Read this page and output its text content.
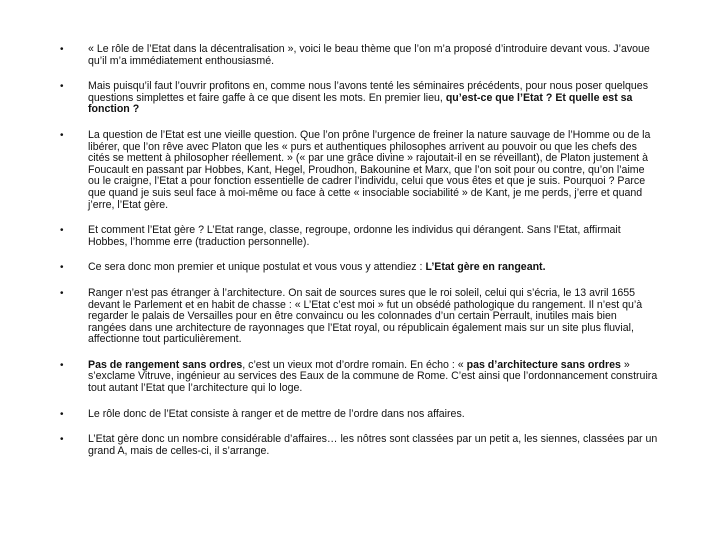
• « Le rôle de l’Etat dans la décentralisation », voici le beau thème que l’on m’a proposé d’introduire devant vous. J’avoue qu’il m’a immédiatement enthousiasmé.
• Mais puisqu’il faut l’ouvrir profitons en, comme nous l’avons tenté les séminaires précédents, pour nous poser quelques questions simplettes et faire gaffe à ce que disent les mots. En premier lieu, qu’est-ce que l’Etat ? Et quelle est sa fonction ?
• La question de l’Etat est une vieille question. Que l’on prône l’urgence de freiner la nature sauvage de l’Homme ou de la libérer, que l’on rêve avec Platon que les « purs et authentiques philosophes arrivent au pouvoir ou que les chefs des cités se mettent à philosopher réellement. » (« par une grâce divine » rajoutait-il en se réveillant), de Platon justement à Foucault en passant par Hobbes, Kant, Hegel, Proudhon, Bakounine et Marx, que l’on soit pour ou contre, qu’on l’aime ou le craigne, l’Etat a pour fonction essentielle de cadrer l’individu, celui que vous êtes et que je suis. Pourquoi ? Parce que quand je suis seul face à moi-même ou face à cette « insociable sociabilité » de Kant, je me perds, j’erre et quand j’erre, l’Etat gère.
• Et comment l’Etat gère ? L’Etat range, classe, regroupe, ordonne les individus qui dérangent. Sans l’Etat, affirmait Hobbes, l’homme erre (traduction personnelle).
• Ce sera donc mon premier et unique postulat et vous vous y attendiez : L’Etat gère en rangeant.
• Ranger n’est pas étranger à l’architecture. On sait de sources sures que le roi soleil, celui qui s’écria, le 13 avril 1655 devant le Parlement et en habit de chasse : « L’Etat c’est moi » fut un obsédé pathologique du rangement. Il n’est qu’à regarder le palais de Versailles pour en être convaincu ou les colonnades d’un certain Perrault, inutiles mais bien rangées dans une architecture de rayonnages que l’Etat royal, ou républicain également mais sur un site plus fluvial, affectionne tout particulièrement.
• Pas de rangement sans ordres, c’est un vieux mot d’ordre romain. En écho : « pas d’architecture sans ordres » s’exclame Vitruve, ingénieur au services des Eaux de la commune de Rome. C’est ainsi que l’ordonnancement construira tout autant l’Etat que l’architecture qui lo loge.
• Le rôle donc de l’Etat consiste à ranger et de mettre de l’ordre dans nos affaires.
• L’Etat gère donc un nombre considérable d’affaires… les nôtres sont classées par un petit a, les siennes, classées par un grand A, mais de celles-ci, il s’arrange.
